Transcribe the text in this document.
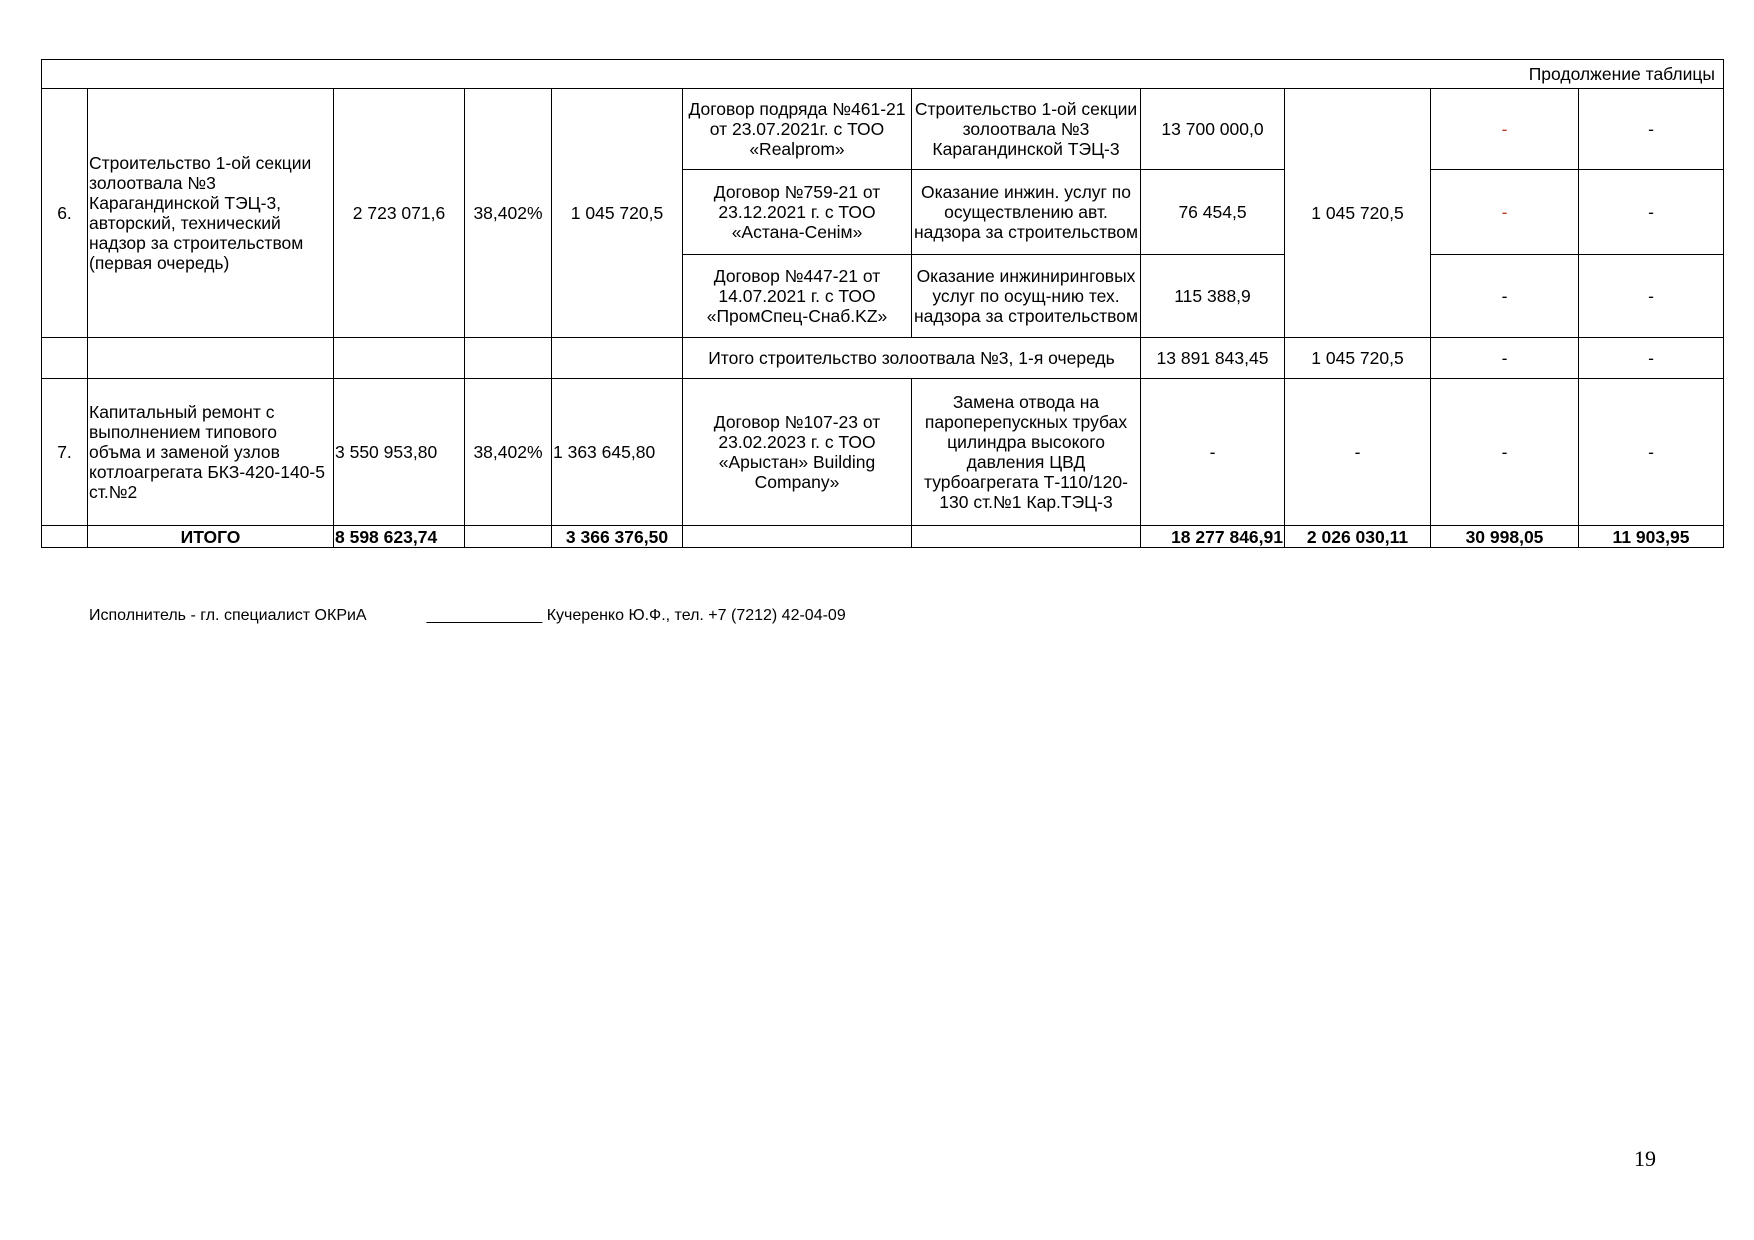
Продолжение таблицы										
6.	Строительство 1-ой секции золоотвала №3 Карагандинской ТЭЦ-3, авторский, технический надзор за строительством (первая очередь)	2 723 071,6	38,402%	1 045 720,5	Договор подряда №461-21 от 23.07.2021г. с ТОО «Realprom»	Строительство 1-ой секции золоотвала №3 Карагандинской ТЭЦ-3	13 700 000,0	1 045 720,5	-	-
					Договор №759-21 от 23.12.2021 г. с ТОО «Астана-Сенім»	Оказание инжин. услуг по осуществлению авт. надзора за строительством	76 454,5		-	-
					Договор №447-21 от 14.07.2021 г. с ТОО «ПромСпец-Снаб.KZ»	Оказание инжиниринговых услуг по осущ-нию тех. надзора за строительством	115 388,9		-	-
					Итого строительство золоотвала №3, 1-я очередь		13 891 843,45	1 045 720,5	-	-
7.	Капитальный ремонт с выполнением типового объма и заменой узлов котлоагрегата БКЗ-420-140-5 ст.№2	3 550 953,80	38,402%	1 363 645,80	Договор №107-23 от 23.02.2023 г. с ТОО «Арыстан» Building Company»	Замена отвода на пароперепускных трубах цилиндра высокого давления ЦВД турбоагрегата Т-110/120-130 ст.№1 Кар.ТЭЦ-3	-	-	-	-
	ИТОГО	8 598 623,74		3 366 376,50			18 277 846,91	2 026 030,11	30 998,05	11 903,95
Исполнитель - гл. специалист ОКРиА	_____________ Кучеренко Ю.Ф., тел. +7 (7212) 42-04-09
19
